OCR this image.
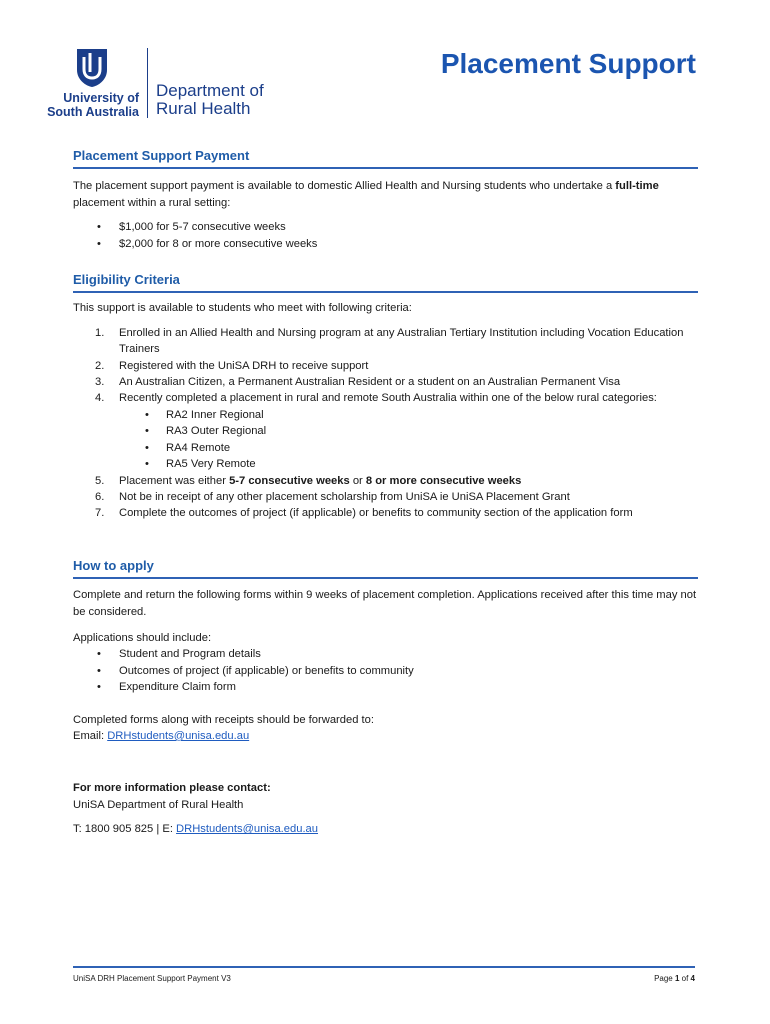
University of
South Australia
Department of
Rural Health
Placement Support
Placement Support Payment

The placement support payment is available to domestic Allied Health and Nursing students who undertake a full-time placement within a rural setting:

• $1,000 for 5-7 consecutive weeks
• $2,000 for 8 or more consecutive weeks
Eligibility Criteria

This support is available to students who meet with following criteria:

1. Enrolled in an Allied Health and Nursing program at any Australian Tertiary Institution including Vocation Education Trainers
2. Registered with the UniSA DRH to receive support
3. An Australian Citizen, a Permanent Australian Resident or a student on an Australian Permanent Visa
4. Recently completed a placement in rural and remote South Australia within one of the below rural categories:
• RA2 Inner Regional
• RA3 Outer Regional
• RA4 Remote
• RA5 Very Remote
5. Placement was either 5-7 consecutive weeks or 8 or more consecutive weeks
6. Not be in receipt of any other placement scholarship from UniSA ie UniSA Placement Grant
7. Complete the outcomes of project (if applicable) or benefits to community section of the application form
How to apply

Complete and return the following forms within 9 weeks of placement completion. Applications received after this time may not be considered.

Applications should include:

• Student and Program details
• Outcomes of project (if applicable) or benefits to community
• Expenditure Claim form

Completed forms along with receipts should be forwarded to:

Email: DRHstudents@unisa.edu.au

For more information please contact:

UniSA Department of Rural Health

T: 1800 905 825 | E: DRHstudents@unisa.edu.au

UniSA DRH Placement Support Payment V3	Page 1 of 4
